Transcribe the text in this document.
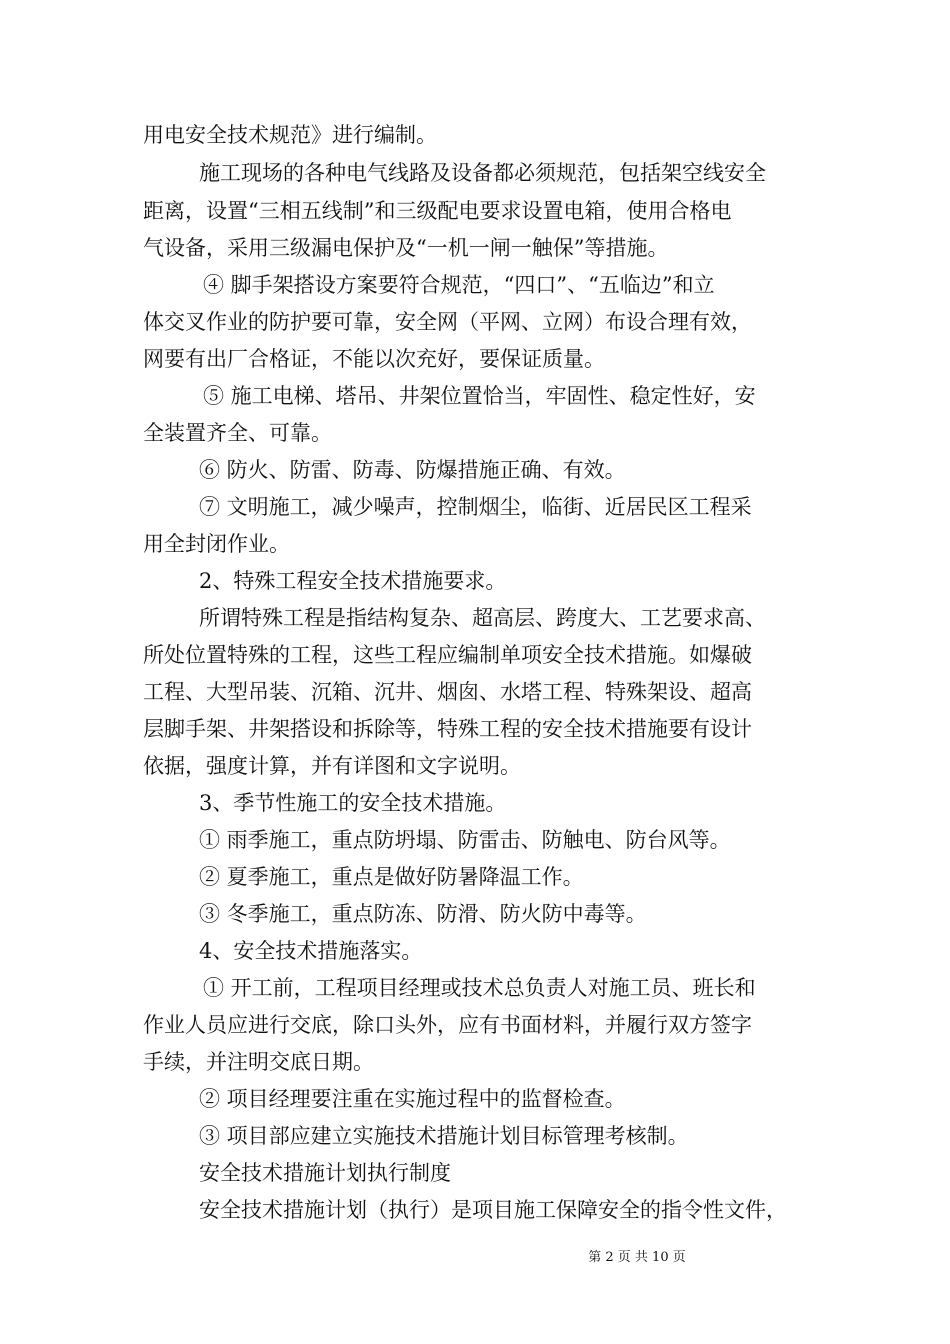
用电安全技术规范》进行编制。
施工现场的各种电气线路及设备都必须规范，包括架空线安全
距离，设置“三相五线制”和三级配电要求设置电箱，使用合格电
气设备，采用三级漏电保护及“一机一闸一触保”等措施。
④ 脚手架搭设方案要符合规范，“四口”、“五临边”和立
体交叉作业的防护要可靠，安全网（平网、立网）布设合理有效，
网要有出厂合格证，不能以次充好，要保证质量。
⑤ 施工电梯、塔吊、井架位置恰当，牢固性、稳定性好，安
全装置齐全、可靠。
⑥ 防火、防雷、防毒、防爆措施正确、有效。
⑦ 文明施工，减少噪声，控制烟尘，临街、近居民区工程采
用全封闭作业。
2、特殊工程安全技术措施要求。
所谓特殊工程是指结构复杂、超高层、跨度大、工艺要求高、
所处位置特殊的工程，这些工程应编制单项安全技术措施。如爆破
工程、大型吊装、沉箱、沉井、烟囱、水塔工程、特殊架设、超高
层脚手架、井架搭设和拆除等，特殊工程的安全技术措施要有设计
依据，强度计算，并有详图和文字说明。
3、季节性施工的安全技术措施。
① 雨季施工，重点防坍塌、防雷击、防触电、防台风等。
② 夏季施工，重点是做好防暑降温工作。
③ 冬季施工，重点防冻、防滑、防火防中毒等。
4、安全技术措施落实。
① 开工前，工程项目经理或技术总负责人对施工员、班长和
作业人员应进行交底，除口头外，应有书面材料，并履行双方签字
手续，并注明交底日期。
② 项目经理要注重在实施过程中的监督检查。
③ 项目部应建立实施技术措施计划目标管理考核制。
安全技术措施计划执行制度
安全技术措施计划（执行）是项目施工保障安全的指令性文件，
第 2 页 共 10 页
